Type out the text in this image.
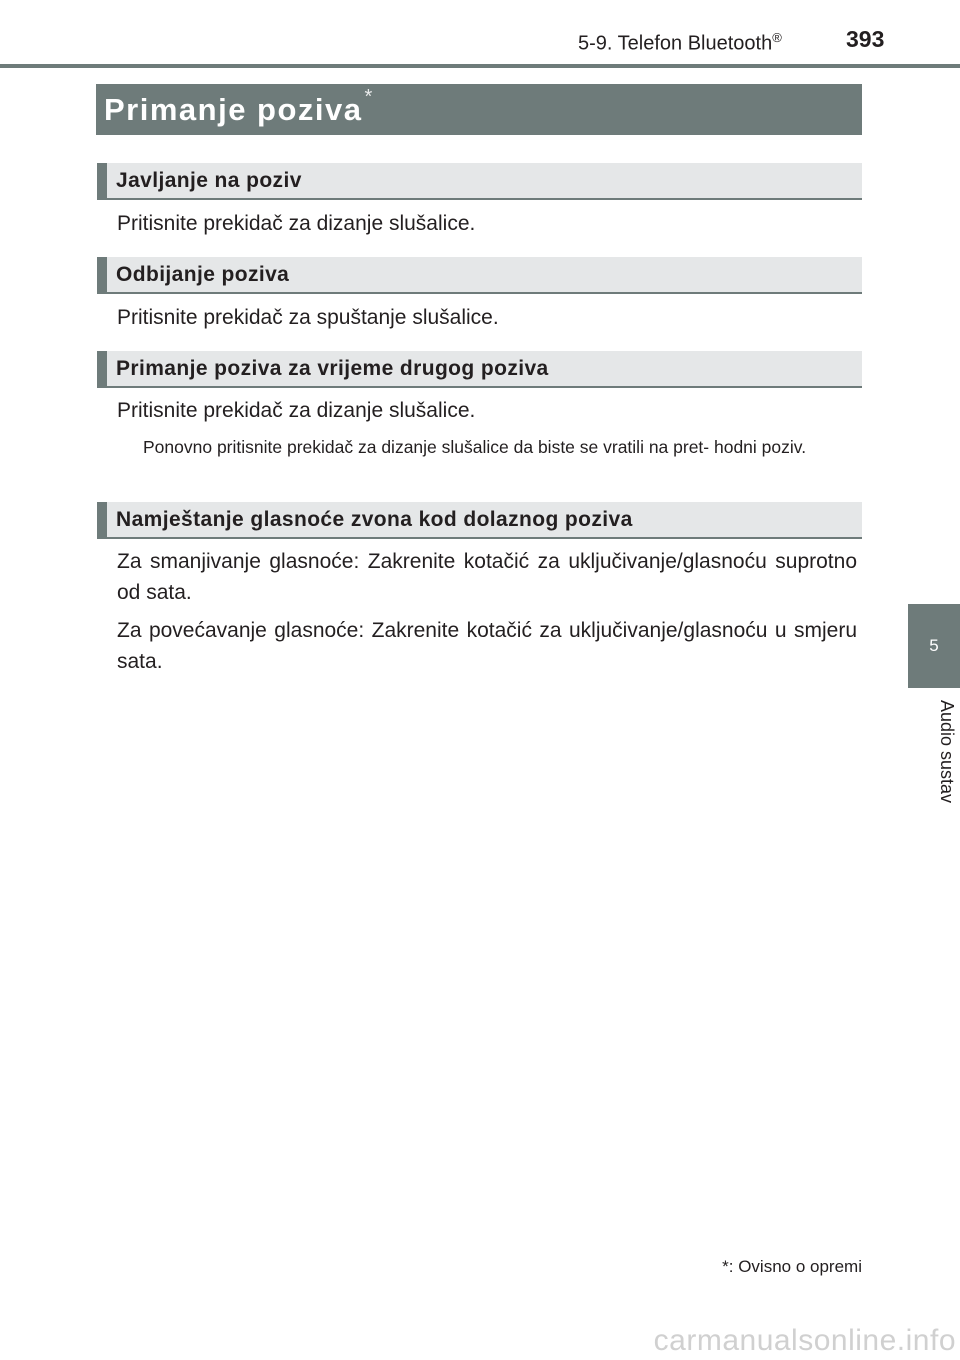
5-9. Telefon Bluetooth®	393
5
Audio sustav
Primanje poziva *
Javljanje na poziv
Pritisnite prekidač za dizanje slušalice.
Odbijanje poziva
Pritisnite prekidač za spuštanje slušalice.
Primanje poziva za vrijeme drugog poziva
Pritisnite prekidač za dizanje slušalice.
Ponovno pritisnite prekidač za dizanje slušalice da biste se vratili na pret- hodni poziv.
Namještanje glasnoće zvona kod dolaznog poziva
Za smanjivanje glasnoće: Zakrenite kotačić za uključivanje/glasnoću suprotno od sata.
Za povećavanje glasnoće: Zakrenite kotačić za uključivanje/glasnoću u smjeru sata.
*: Ovisno o opremi
carmanualsonline.info
